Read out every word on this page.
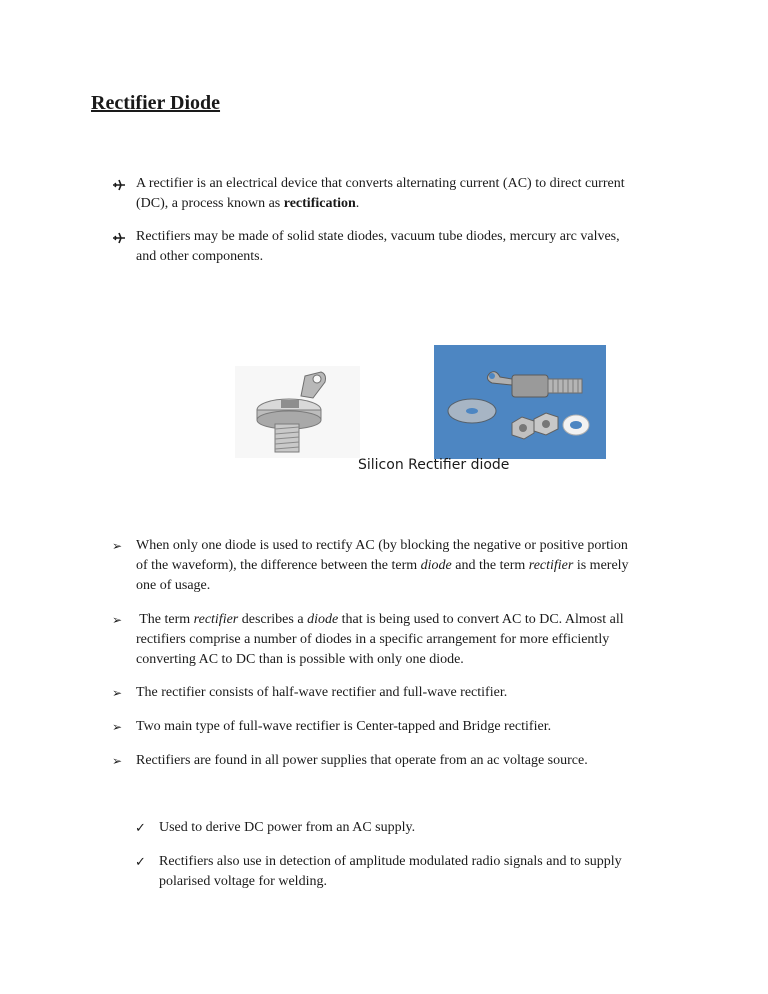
Rectifier Diode
A rectifier is an electrical device that converts alternating current (AC) to direct current
(DC), a process known as rectification.
Rectifiers may be made of solid state diodes, vacuum tube diodes, mercury arc valves,
and other components.
Silicon Rectifier diode
➢ When only one diode is used to rectify AC (by blocking the negative or positive portion
of the waveform), the difference between the term diode and the term rectifier is merely
one of usage.
➢ The term rectifier describes a diode that is being used to convert AC to DC. Almost all
rectifiers comprise a number of diodes in a specific arrangement for more efficiently
converting AC to DC than is possible with only one diode.
➢ The rectifier consists of half-wave rectifier and full-wave rectifier.
➢ Two main type of full-wave rectifier is Center-tapped and Bridge rectifier.
➢ Rectifiers are found in all power supplies that operate from an ac voltage source.
✓ Used to derive DC power from an AC supply.
✓ Rectifiers also use in detection of amplitude modulated radio signals and to supply
polarised voltage for welding.
